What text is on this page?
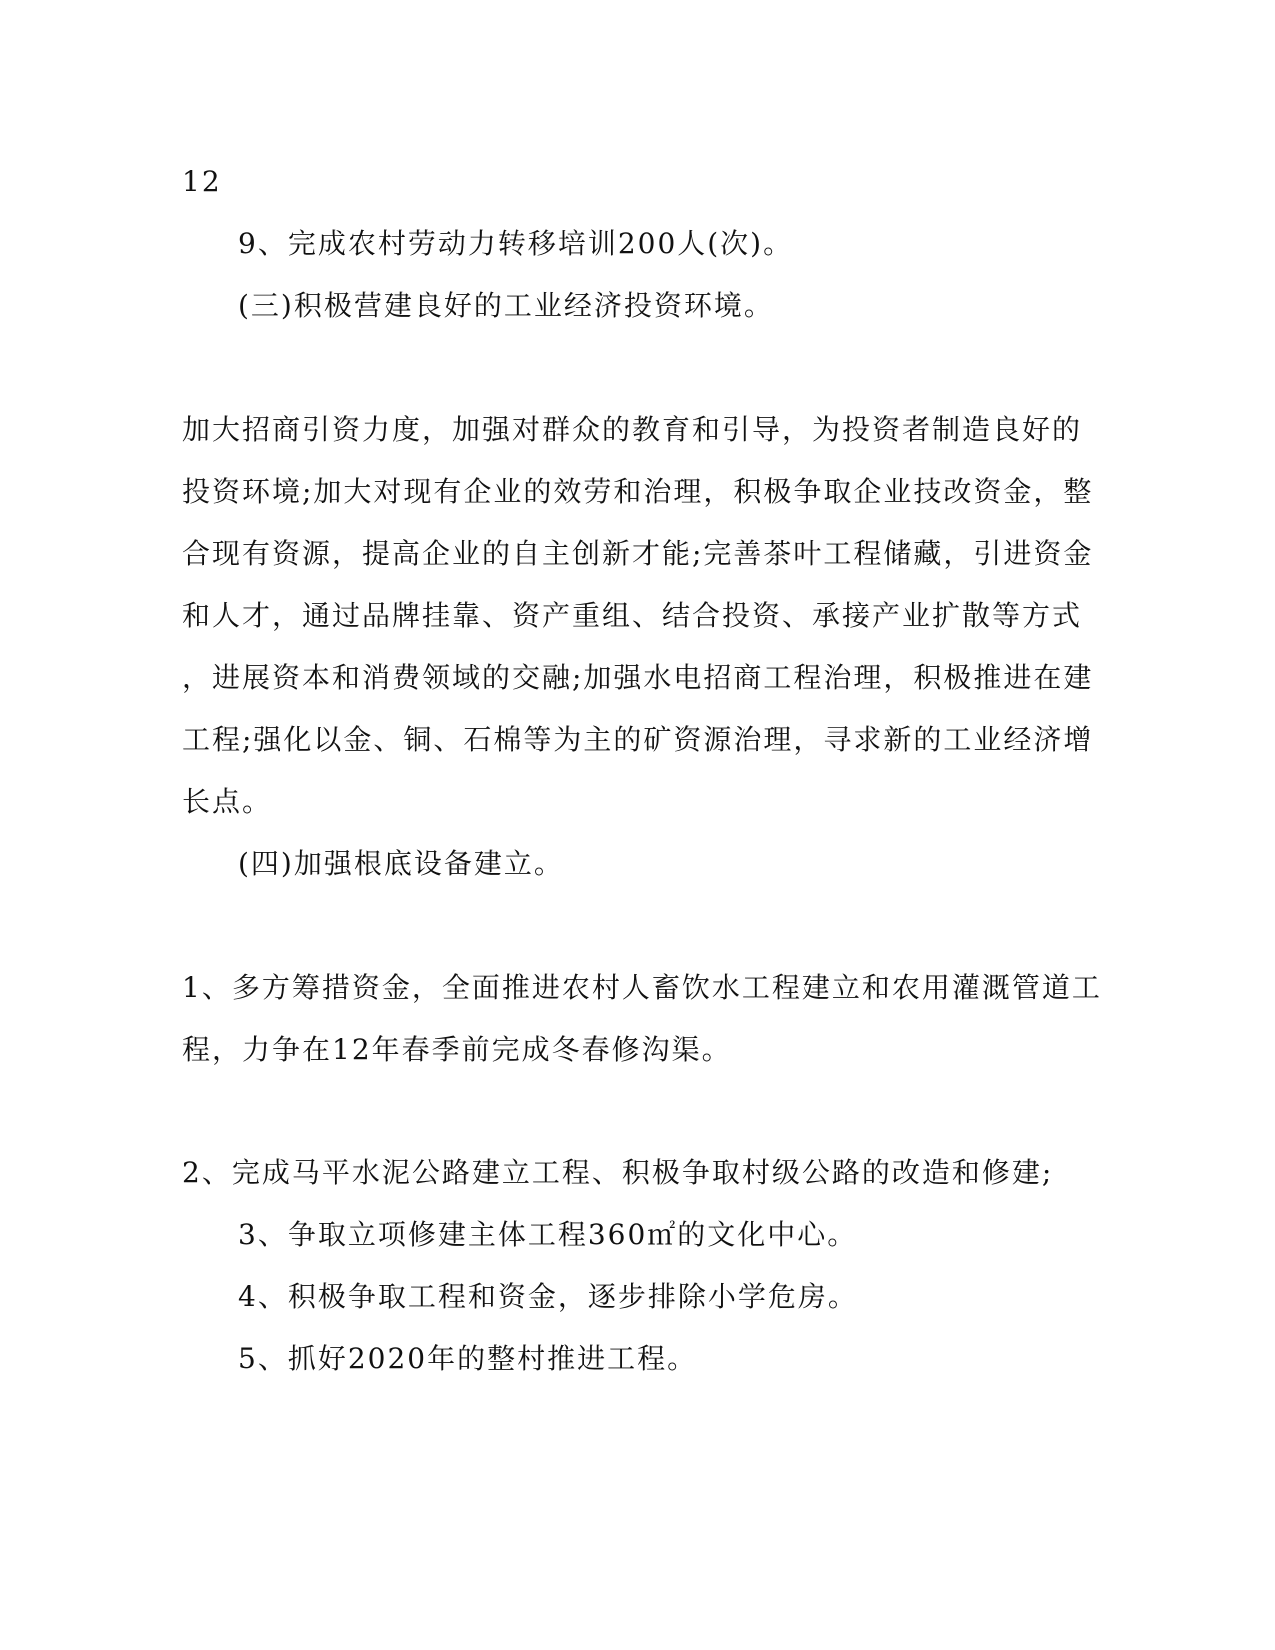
12
9、完成农村劳动力转移培训200人(次)。
(三)积极营建良好的工业经济投资环境。
加大招商引资力度，加强对群众的教育和引导，为投资者制造良好的
投资环境;加大对现有企业的效劳和治理，积极争取企业技改资金，整
合现有资源，提高企业的自主创新才能;完善茶叶工程储藏，引进资金
和人才，通过品牌挂靠、资产重组、结合投资、承接产业扩散等方式
，进展资本和消费领域的交融;加强水电招商工程治理，积极推进在建
工程;强化以金、铜、石棉等为主的矿资源治理，寻求新的工业经济增
长点。
(四)加强根底设备建立。
1、多方筹措资金，全面推进农村人畜饮水工程建立和农用灌溉管道工
程，力争在12年春季前完成冬春修沟渠。
2、完成马平水泥公路建立工程、积极争取村级公路的改造和修建;
3、争取立项修建主体工程360㎡的文化中心。
4、积极争取工程和资金，逐步排除小学危房。
5、抓好2020年的整村推进工程。
